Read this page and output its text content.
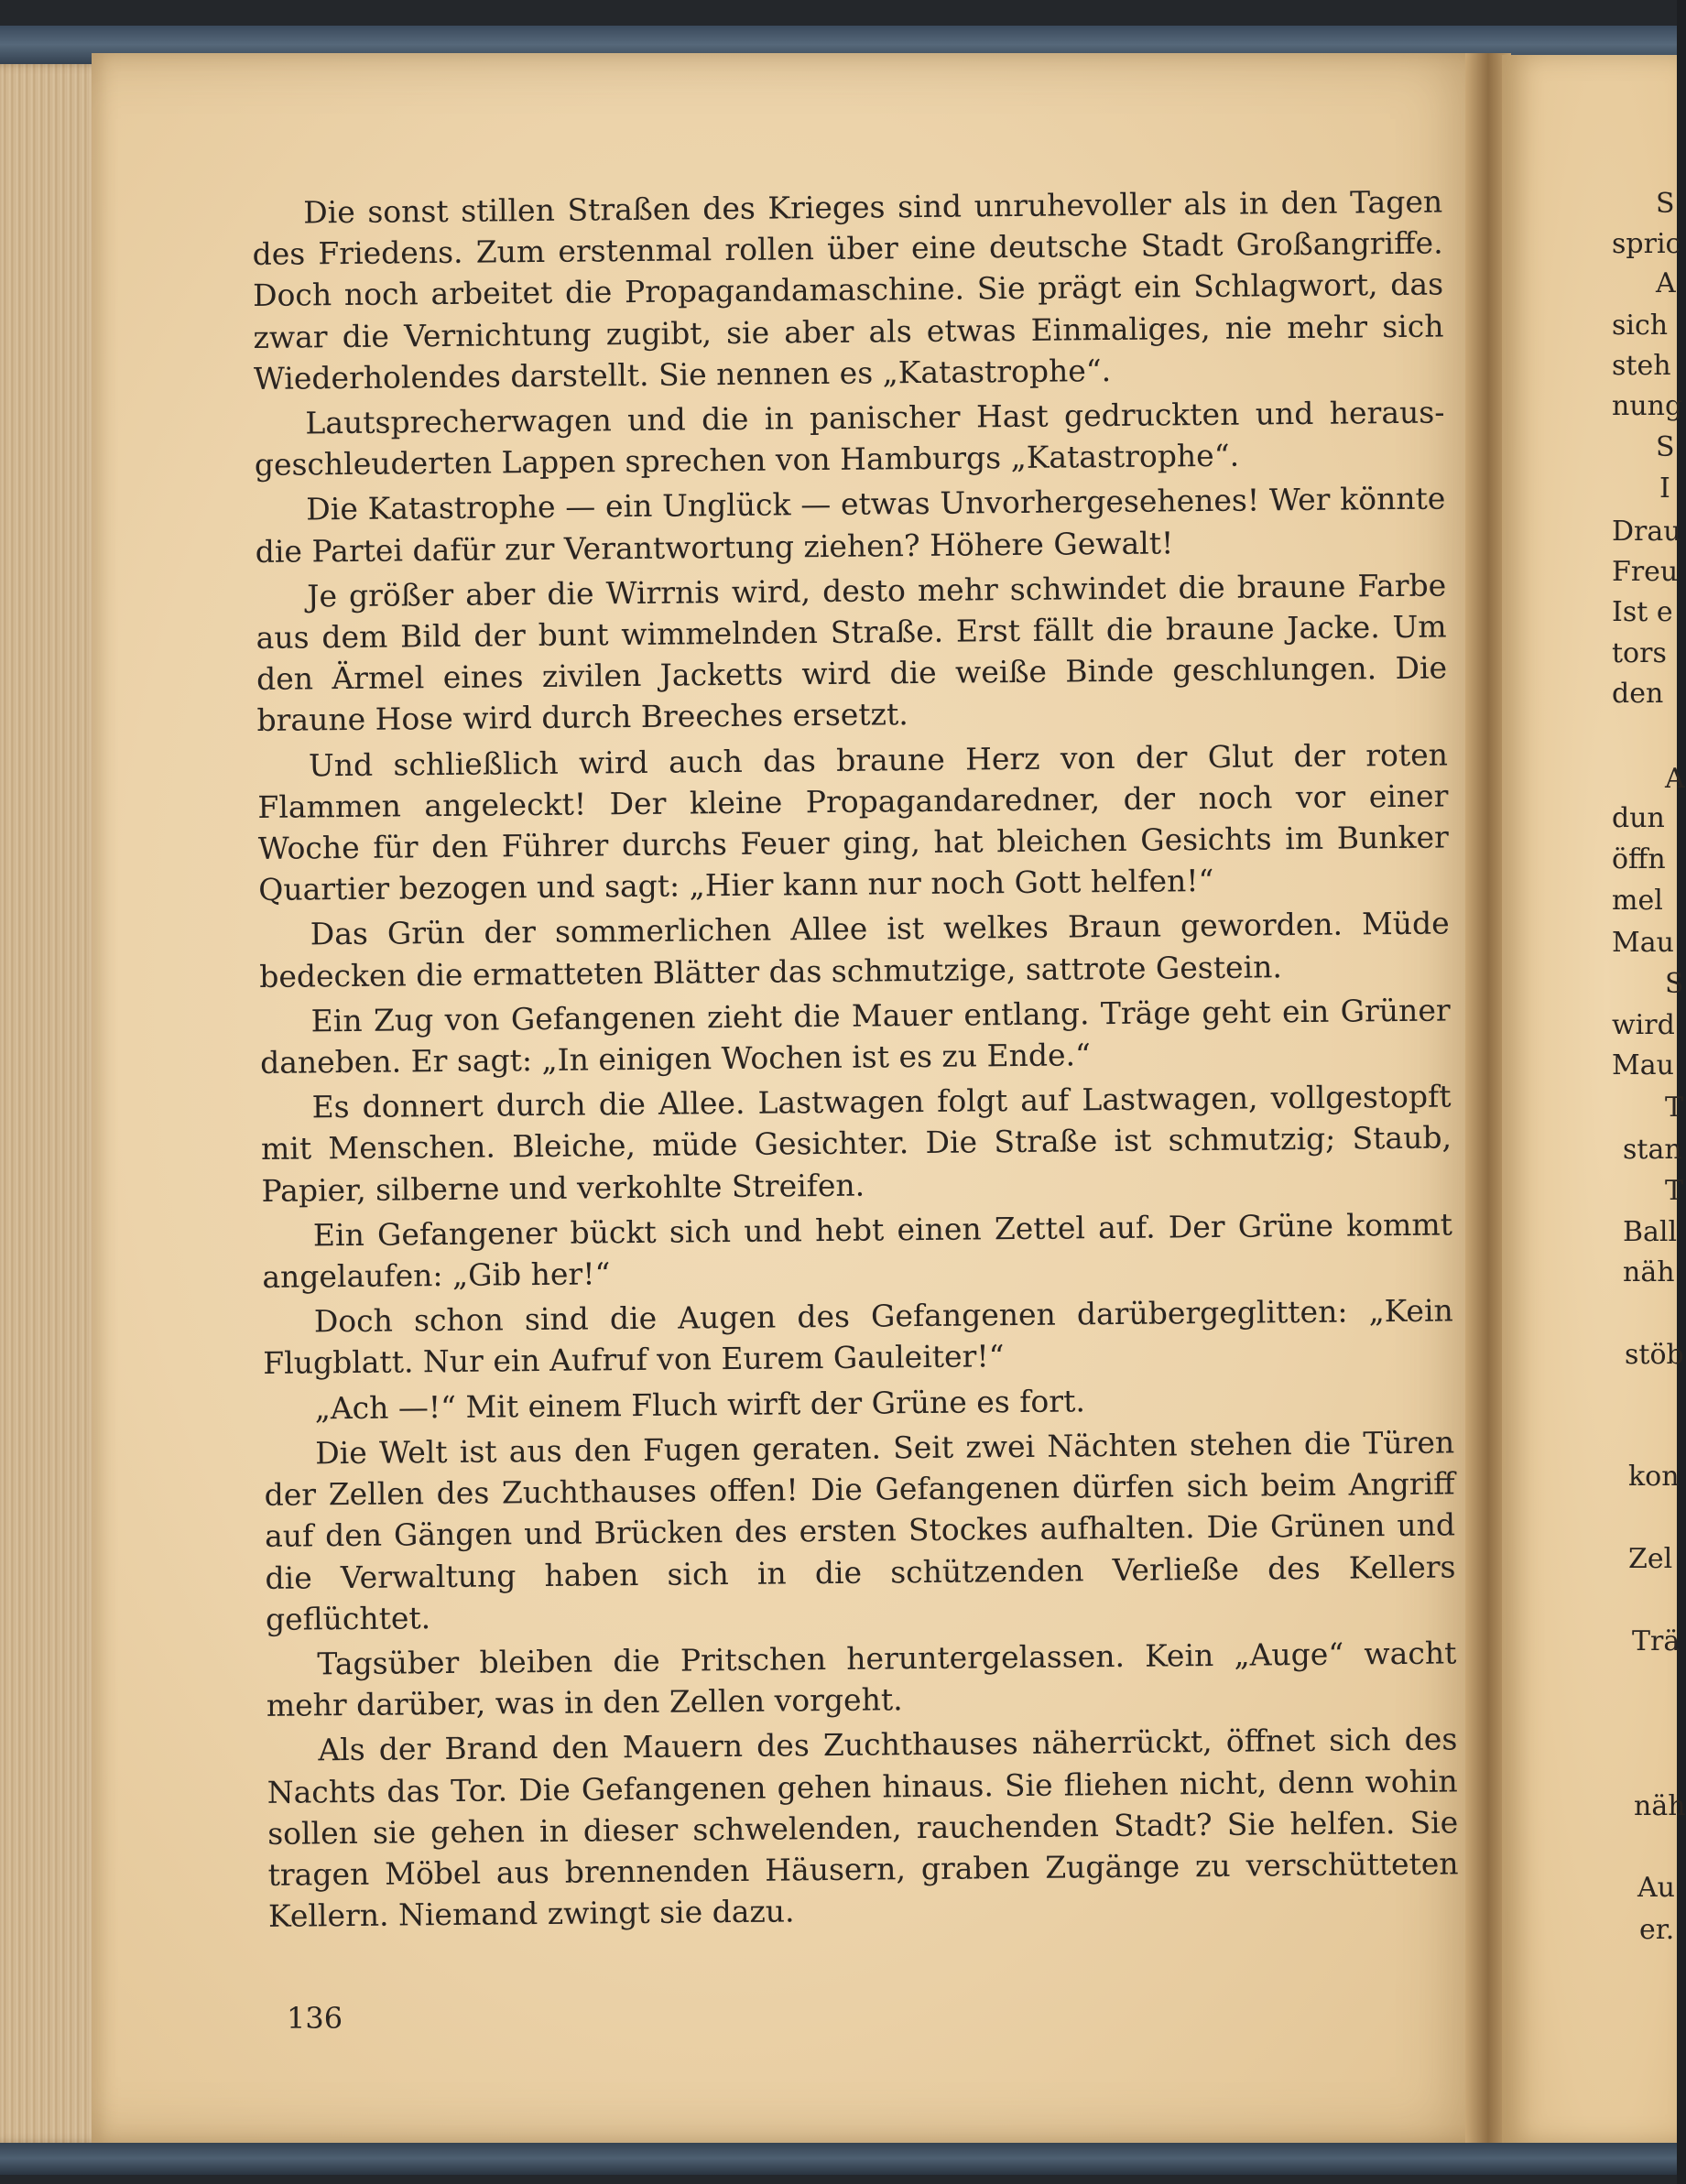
Die sonst stillen Straßen des Krieges sind unruhevoller als in den Tagen des Friedens. Zum erstenmal rollen über eine deutsche Stadt Großangriffe. Doch noch arbeitet die Propagandamaschine. Sie prägt ein Schlagwort, das zwar die Vernichtung zugibt, sie aber als etwas Einmaliges, nie mehr sich Wiederholendes darstellt. Sie nennen es „Katastrophe“.

Lautsprecherwagen und die in panischer Hast gedruckten und herausgeschleuderten Lappen sprechen von Hamburgs „Katastrophe“.

Die Katastrophe — ein Unglück — etwas Unvorhergesehenes! Wer könnte die Partei dafür zur Verantwortung ziehen? Höhere Gewalt!

Je größer aber die Wirrnis wird, desto mehr schwindet die braune Farbe aus dem Bild der bunt wimmelnden Straße. Erst fällt die braune Jacke. Um den Ärmel eines zivilen Jacketts wird die weiße Binde geschlungen. Die braune Hose wird durch Breeches ersetzt.

Und schließlich wird auch das braune Herz von der Glut der roten Flammen angeleckt! Der kleine Propagandaredner, der noch vor einer Woche für den Führer durchs Feuer ging, hat bleichen Gesichts im Bunker Quartier bezogen und sagt: „Hier kann nur noch Gott helfen!“

Das Grün der sommerlichen Allee ist welkes Braun geworden. Müde bedecken die ermatteten Blätter das schmutzige, sattrote Gestein.

Ein Zug von Gefangenen zieht die Mauer entlang. Träge geht ein Grüner daneben. Er sagt: „In einigen Wochen ist es zu Ende.“

Es donnert durch die Allee. Lastwagen folgt auf Lastwagen, vollgestopft mit Menschen. Bleiche, müde Gesichter. Die Straße ist schmutzig; Staub, Papier, silberne und verkohlte Streifen.

Ein Gefangener bückt sich und hebt einen Zettel auf. Der Grüne kommt angelaufen: „Gib her!“

Doch schon sind die Augen des Gefangenen darübergeglitten: „Kein Flugblatt. Nur ein Aufruf von Eurem Gauleiter!“

„Ach —!“ Mit einem Fluch wirft der Grüne es fort.

Die Welt ist aus den Fugen geraten. Seit zwei Nächten stehen die Türen der Zellen des Zuchthauses offen! Die Gefangenen dürfen sich beim Angriff auf den Gängen und Brücken des ersten Stockes aufhalten. Die Grünen und die Verwaltung haben sich in die schützenden Verließe des Kellers geflüchtet.

Tagsüber bleiben die Pritschen heruntergelassen. Kein „Auge“ wacht mehr darüber, was in den Zellen vorgeht.

Als der Brand den Mauern des Zuchthauses näherrückt, öffnet sich des Nachts das Tor. Die Gefangenen gehen hinaus. Sie fliehen nicht, denn wohin sollen sie gehen in dieser schwelenden, rauchenden Stadt? Sie helfen. Sie tragen Möbel aus brennenden Häusern, graben Zugänge zu verschütteten Kellern. Niemand zwingt sie dazu.

136
S
spric
A
sich
steh
nung
S
I
Drau
Freu
Ist e
tors
den
A
dun
öffn
mel
Mau
S
wird
Mau
T
stan
T
Ball
näh
stöb
kon
Zel
Trä
näh
Au
er.
